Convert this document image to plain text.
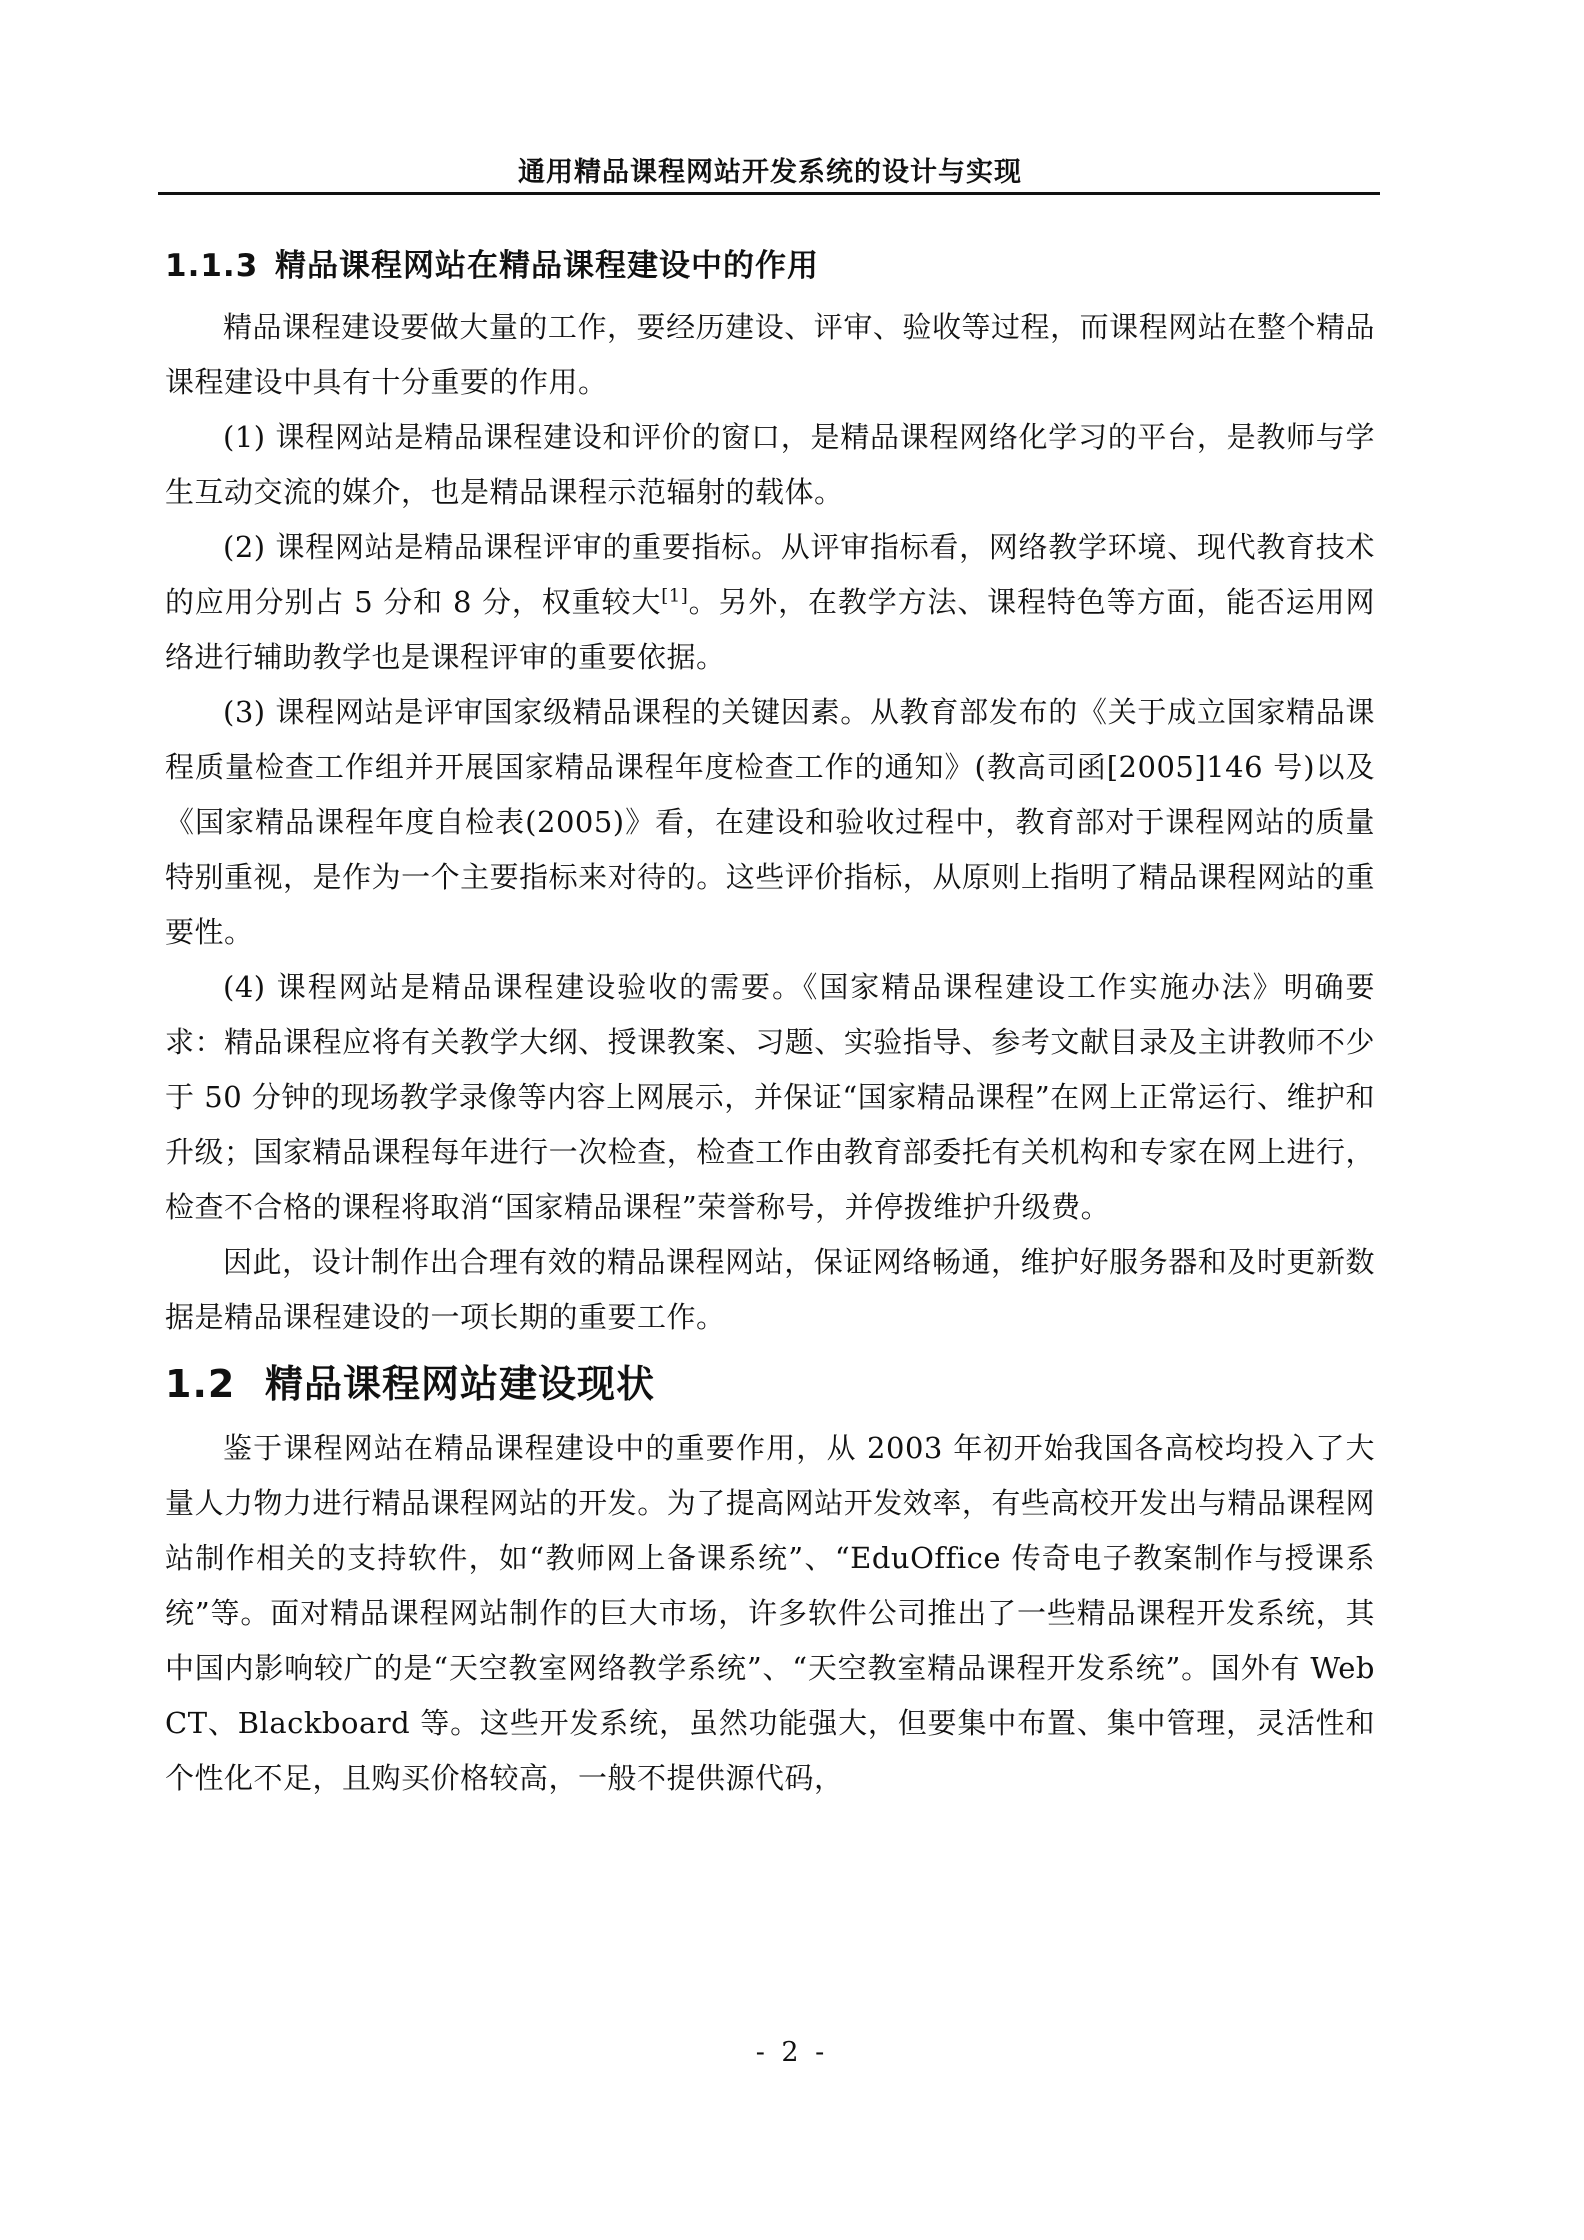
通用精品课程网站开发系统的设计与实现
1.1.3 精品课程网站在精品课程建设中的作用

精品课程建设要做大量的工作，要经历建设、评审、验收等过程，而课程网站在整个精品课程建设中具有十分重要的作用。

(1) 课程网站是精品课程建设和评价的窗口，是精品课程网络化学习的平台，是教师与学生互动交流的媒介，也是精品课程示范辐射的载体。

(2) 课程网站是精品课程评审的重要指标。从评审指标看，网络教学环境、现代教育技术的应用分别占 5 分和 8 分，权重较大[1]。另外，在教学方法、课程特色等方面，能否运用网络进行辅助教学也是课程评审的重要依据。

(3) 课程网站是评审国家级精品课程的关键因素。从教育部发布的《关于成立国家精品课程质量检查工作组并开展国家精品课程年度检查工作的通知》(教高司函[2005]146 号)以及《国家精品课程年度自检表(2005)》看，在建设和验收过程中，教育部对于课程网站的质量特别重视，是作为一个主要指标来对待的。这些评价指标，从原则上指明了精品课程网站的重要性。

(4) 课程网站是精品课程建设验收的需要。《国家精品课程建设工作实施办法》明确要求：精品课程应将有关教学大纲、授课教案、习题、实验指导、参考文献目录及主讲教师不少于 50 分钟的现场教学录像等内容上网展示，并保证“国家精品课程”在网上正常运行、维护和升级；国家精品课程每年进行一次检查，检查工作由教育部委托有关机构和专家在网上进行，检查不合格的课程将取消“国家精品课程”荣誉称号，并停拨维护升级费。

因此，设计制作出合理有效的精品课程网站，保证网络畅通，维护好服务器和及时更新数据是精品课程建设的一项长期的重要工作。

1.2 精品课程网站建设现状

鉴于课程网站在精品课程建设中的重要作用，从 2003 年初开始我国各高校均投入了大量人力物力进行精品课程网站的开发。为了提高网站开发效率，有些高校开发出与精品课程网站制作相关的支持软件，如“教师网上备课系统”、“EduOffice 传奇电子教案制作与授课系统”等。面对精品课程网站制作的巨大市场，许多软件公司推出了一些精品课程开发系统，其中国内影响较广的是“天空教室网络教学系统”、“天空教室精品课程开发系统”。国外有 Web CT、Blackboard 等。这些开发系统，虽然功能强大，但要集中布置、集中管理，灵活性和个性化不足，且购买价格较高，一般不提供源代码，

- 2 -
